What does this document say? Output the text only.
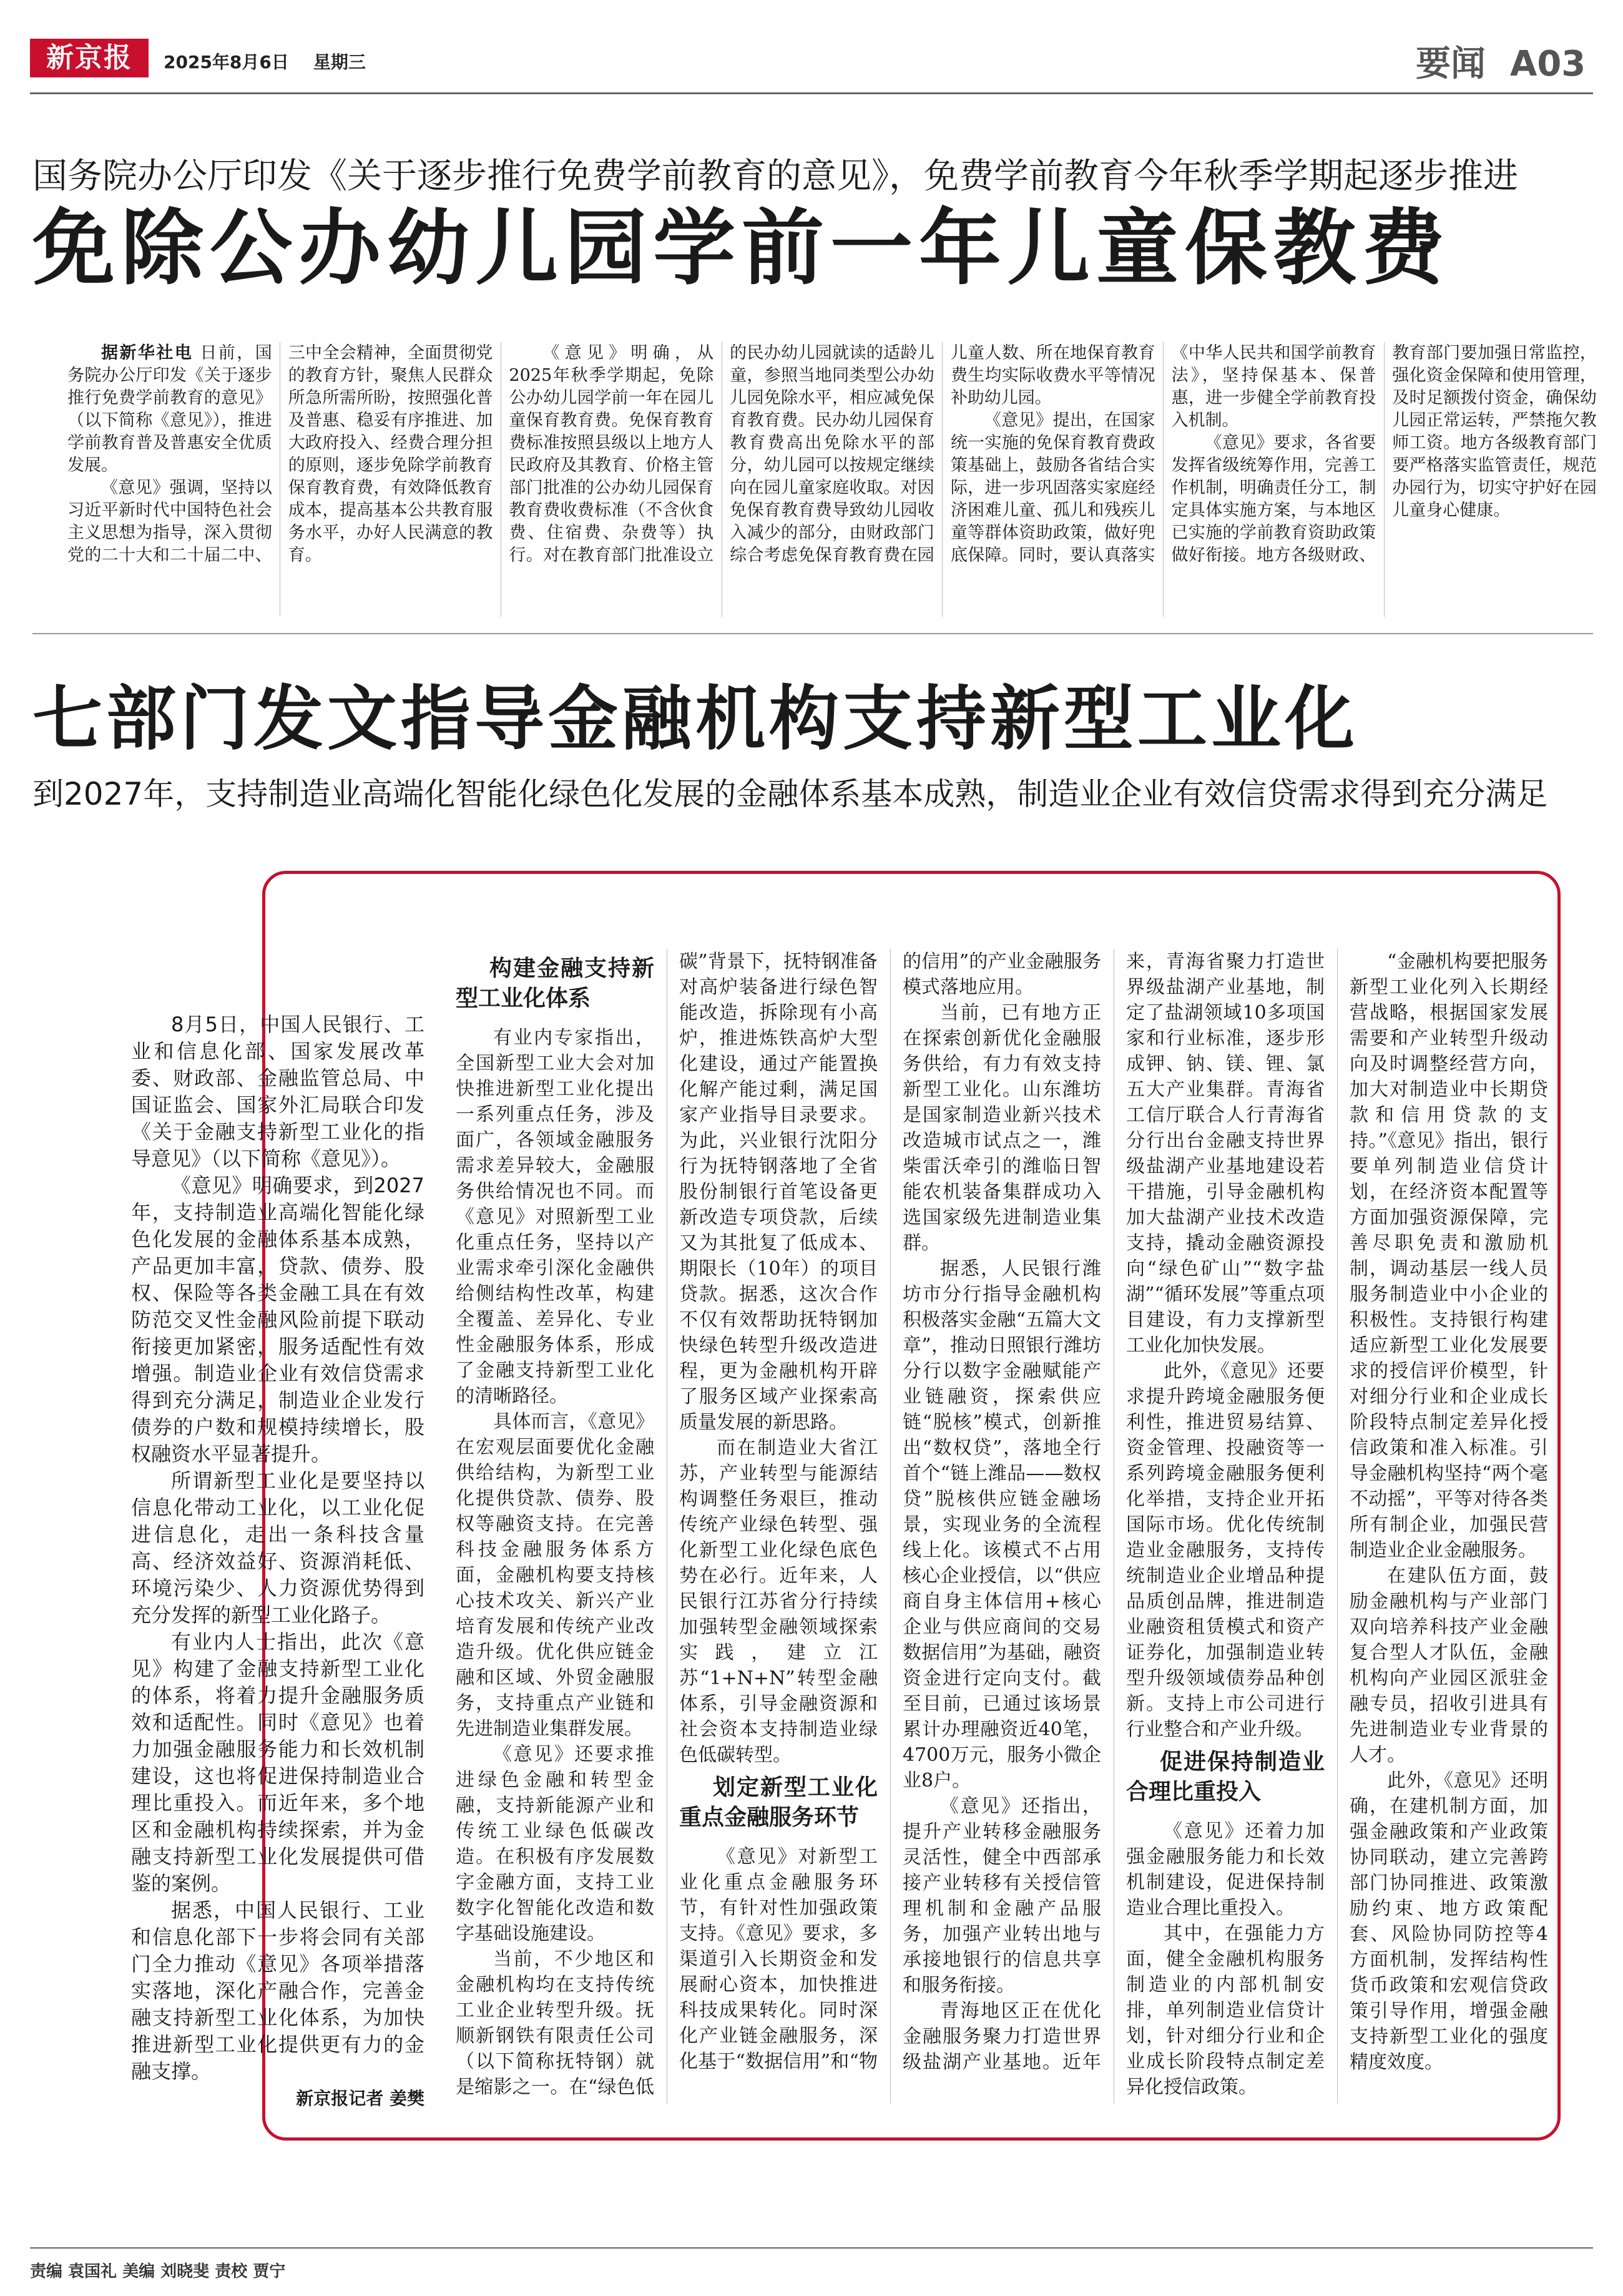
新京报	2025年8月6日 星期三	要闻 A03
国务院办公厅印发《关于逐步推行免费学前教育的意见》，免费学前教育今年秋季学期起逐步推进
免除公办幼儿园学前一年儿童保教费

据新华社电 日前，国务院办公厅印发《关于逐步推行免费学前教育的意见》（以下简称《意见》），推进学前教育普及普惠安全优质发展。

《意见》强调，坚持以习近平新时代中国特色社会主义思想为指导，深入贯彻党的二十大和二十届二中、三中全会精神，全面贯彻党的教育方针，聚焦人民群众所急所需所盼，按照强化普及普惠、稳妥有序推进、加大政府投入、经费合理分担的原则，逐步免除学前教育保育教育费，有效降低教育成本，提高基本公共教育服务水平，办好人民满意的教育。

《意见》明确，从2025年秋季学期起，免除公办幼儿园学前一年在园儿童保育教育费。免保育教育费标准按照县级以上地方人民政府及其教育、价格主管部门批准的公办幼儿园保育教育费收费标准（不含伙食费、住宿费、杂费等）执行。对在教育部门批准设立的民办幼儿园就读的适龄儿童，参照当地同类型公办幼儿园免除水平，相应减免保育教育费。民办幼儿园保育教育费高出免除水平的部分，幼儿园可以按规定继续向在园儿童家庭收取。对因免保育教育费导致幼儿园收入减少的部分，由财政部门综合考虑免保育教育费在园儿童人数、所在地保育教育费生均实际收费水平等情况补助幼儿园。

《意见》提出，在国家统一实施的免保育教育费政策基础上，鼓励各省结合实际，进一步巩固落实家庭经济困难儿童、孤儿和残疾儿童等群体资助政策，做好兜底保障。同时，要认真落实《中华人民共和国学前教育法》，坚持保基本、保普惠，进一步健全学前教育投入机制。

《意见》要求，各省要发挥省级统筹作用，完善工作机制，明确责任分工，制定具体实施方案，与本地区已实施的学前教育资助政策做好衔接。地方各级财政、教育部门要加强日常监控，强化资金保障和使用管理，及时足额拨付资金，确保幼儿园正常运转，严禁拖欠教师工资。地方各级教育部门要严格落实监管责任，规范办园行为，切实守护好在园儿童身心健康。

七部门发文指导金融机构支持新型工业化
到2027年，支持制造业高端化智能化绿色化发展的金融体系基本成熟，制造业企业有效信贷需求得到充分满足

8月5日，中国人民银行、工业和信息化部、国家发展改革委、财政部、金融监管总局、中国证监会、国家外汇局联合印发《关于金融支持新型工业化的指导意见》（以下简称《意见》）。

《意见》明确要求，到2027年，支持制造业高端化智能化绿色化发展的金融体系基本成熟，产品更加丰富，贷款、债券、股权、保险等各类金融工具在有效防范交叉性金融风险前提下联动衔接更加紧密，服务适配性有效增强。制造业企业有效信贷需求得到充分满足，制造业企业发行债券的户数和规模持续增长，股权融资水平显著提升。

所谓新型工业化是要坚持以信息化带动工业化，以工业化促进信息化，走出一条科技含量高、经济效益好、资源消耗低、环境污染少、人力资源优势得到充分发挥的新型工业化路子。

有业内人士指出，此次《意见》构建了金融支持新型工业化的体系，将着力提升金融服务质效和适配性。同时《意见》也着力加强金融服务能力和长效机制建设，这也将促进保持制造业合理比重投入。而近年来，多个地区和金融机构持续探索，并为金融支持新型工业化发展提供可借鉴的案例。

据悉，中国人民银行、工业和信息化部下一步将会同有关部门全力推动《意见》各项举措落实落地，深化产融合作，完善金融支持新型工业化体系，为加快推进新型工业化提供更有力的金融支撑。

新京报记者 姜樊

构建金融支持新型工业化体系

有业内专家指出，全国新型工业大会对加快推进新型工业化提出一系列重点任务，涉及面广，各领域金融服务需求差异较大，金融服务供给情况也不同。而《意见》对照新型工业化重点任务，坚持以产业需求牵引深化金融供给侧结构性改革，构建全覆盖、差异化、专业性金融服务体系，形成了金融支持新型工业化的清晰路径。

具体而言，《意见》在宏观层面要优化金融供给结构，为新型工业化提供贷款、债券、股权等融资支持。在完善科技金融服务体系方面，金融机构要支持核心技术攻关、新兴产业培育发展和传统产业改造升级。优化供应链金融和区域、外贸金融服务，支持重点产业链和先进制造业集群发展。

《意见》还要求推进绿色金融和转型金融，支持新能源产业和传统工业绿色低碳改造。在积极有序发展数字金融方面，支持工业数字化智能化改造和数字基础设施建设。

当前，不少地区和金融机构均在支持传统工业企业转型升级。抚顺新钢铁有限责任公司（以下简称抚特钢）就是缩影之一。在“绿色低碳”背景下，抚特钢准备对高炉装备进行绿色智能改造，拆除现有小高炉，推进炼铁高炉大型化建设，通过产能置换化解产能过剩，满足国家产业指导目录要求。为此，兴业银行沈阳分行为抚特钢落地了全省股份制银行首笔设备更新改造专项贷款，后续又为其批复了低成本、期限长（10年）的项目贷款。据悉，这次合作不仅有效帮助抚特钢加快绿色转型升级改造进程，更为金融机构开辟了服务区域产业探索高质量发展的新思路。

而在制造业大省江苏，产业转型与能源结构调整任务艰巨，推动传统产业绿色转型、强化新型工业化绿色底色势在必行。近年来，人民银行江苏省分行持续加强转型金融领域探索实践，建立江苏“1+N+N”转型金融体系，引导金融资源和社会资本支持制造业绿色低碳转型。

划定新型工业化重点金融服务环节

《意见》对新型工业化重点金融服务环节，有针对性加强政策支持。《意见》要求，多渠道引入长期资金和发展耐心资本，加快推进科技成果转化。同时深化产业链金融服务，深化基于“数据信用”和“物的信用”的产业金融服务模式落地应用。

当前，已有地方正在探索创新优化金融服务供给，有力有效支持新型工业化。山东潍坊是国家制造业新兴技术改造城市试点之一，潍柴雷沃牵引的潍临日智能农机装备集群成功入选国家级先进制造业集群。

据悉，人民银行潍坊市分行指导金融机构积极落实金融“五篇大文章”，推动日照银行潍坊分行以数字金融赋能产业链融资，探索供应链“脱核”模式，创新推出“数权贷”，落地全行首个“链上潍品——数权贷”脱核供应链金融场景，实现业务的全流程线上化。该模式不占用核心企业授信，以“供应商自身主体信用+核心企业与供应商间的交易数据信用”为基础，融资资金进行定向支付。截至目前，已通过该场景累计办理融资近40笔，4700万元，服务小微企业8户。

《意见》还指出，提升产业转移金融服务灵活性，健全中西部承接产业转移有关授信管理机制和金融产品服务，加强产业转出地与承接地银行的信息共享和服务衔接。

青海地区正在优化金融服务聚力打造世界级盐湖产业基地。近年来，青海省聚力打造世界级盐湖产业基地，制定了盐湖领域10多项国家和行业标准，逐步形成钾、钠、镁、锂、氯五大产业集群。青海省工信厅联合人行青海省分行出台金融支持世界级盐湖产业基地建设若干措施，引导金融机构加大盐湖产业技术改造支持，撬动金融资源投向“绿色矿山”“数字盐湖”“循环发展”等重点项目建设，有力支撑新型工业化加快发展。

此外，《意见》还要求提升跨境金融服务便利性，推进贸易结算、资金管理、投融资等一系列跨境金融服务便利化举措，支持企业开拓国际市场。优化传统制造业金融服务，支持传统制造业企业增品种提品质创品牌，推进制造业融资租赁模式和资产证券化，加强制造业转型升级领域债券品种创新。支持上市公司进行行业整合和产业升级。

促进保持制造业合理比重投入

《意见》还着力加强金融服务能力和长效机制建设，促进保持制造业合理比重投入。

其中，在强能力方面，健全金融机构服务制造业的内部机制安排，单列制造业信贷计划，针对细分行业和企业成长阶段特点制定差异化授信政策。

“金融机构要把服务新型工业化列入长期经营战略，根据国家发展需要和产业转型升级动向及时调整经营方向，加大对制造业中长期贷款和信用贷款的支持。”《意见》指出，银行要单列制造业信贷计划，在经济资本配置等方面加强资源保障，完善尽职免责和激励机制，调动基层一线人员服务制造业中小企业的积极性。支持银行构建适应新型工业化发展要求的授信评价模型，针对细分行业和企业成长阶段特点制定差异化授信政策和准入标准。引导金融机构坚持“两个毫不动摇”，平等对待各类所有制企业，加强民营制造业企业金融服务。

在建队伍方面，鼓励金融机构与产业部门双向培养科技产业金融复合型人才队伍，金融机构向产业园区派驻金融专员，招收引进具有先进制造业专业背景的人才。

此外，《意见》还明确，在建机制方面，加强金融政策和产业政策协同联动，建立完善跨部门协同推进、政策激励约束、地方政策配套、风险协同防控等4方面机制，发挥结构性货币政策和宏观信贷政策引导作用，增强金融支持新型工业化的强度精度效度。

责编 袁国礼 美编 刘晓斐 责校 贾宁
